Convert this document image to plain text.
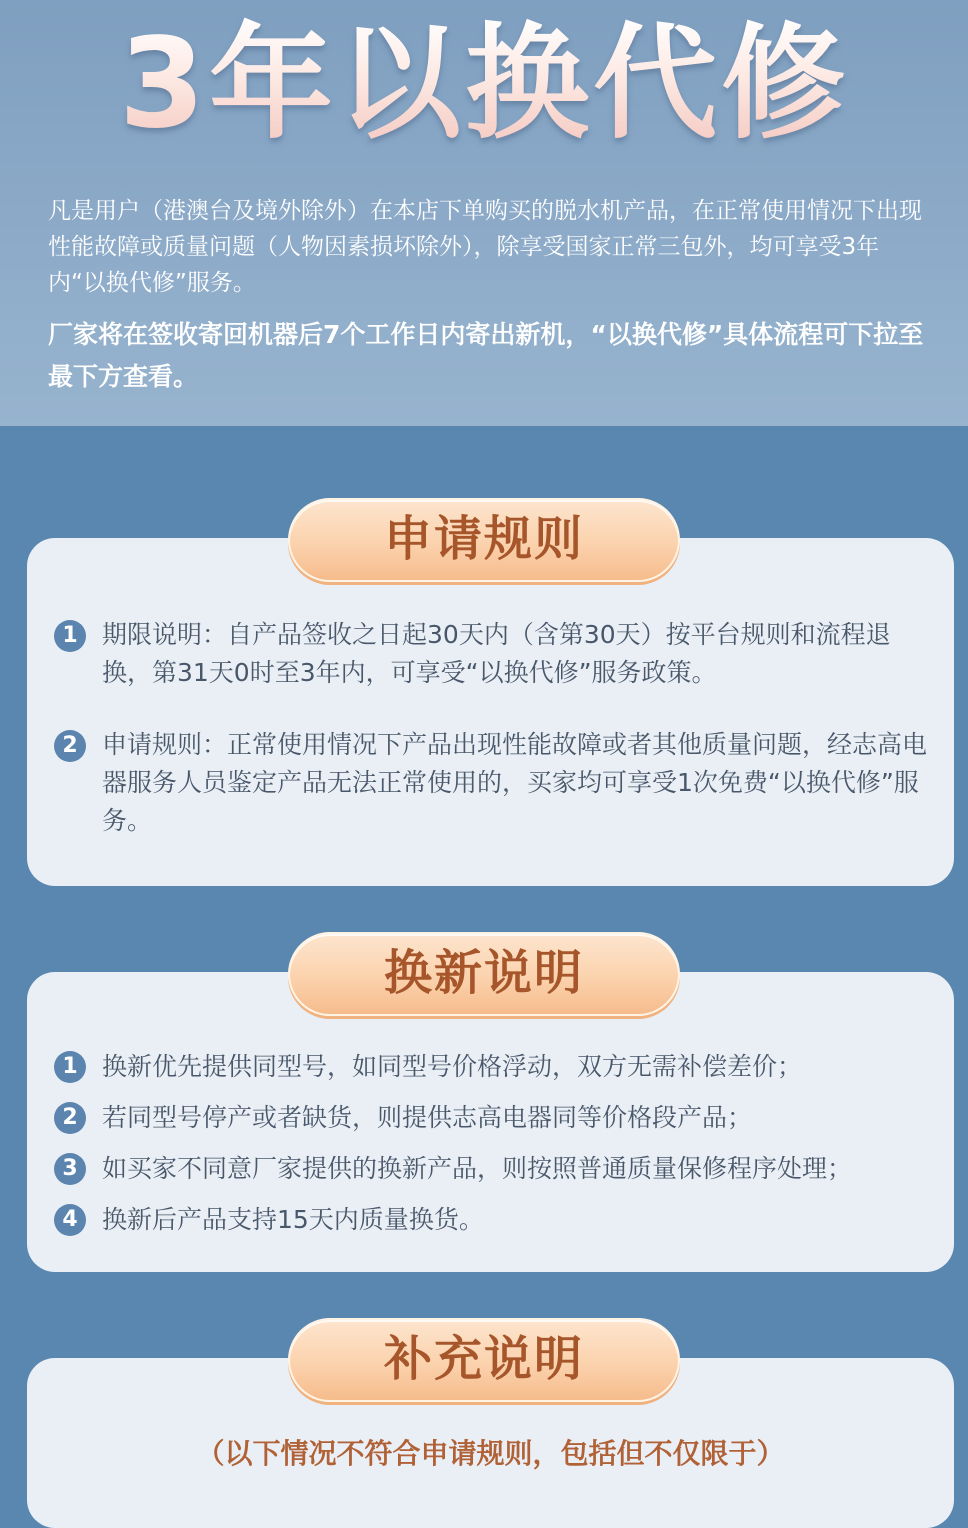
3年以换代修

凡是用户（港澳台及境外除外）在本店下单购买的脱水机产品，在正常使用情况下出现性能故障或质量问题（人物因素损坏除外），除享受国家正常三包外，均可享受3年内“以换代修”服务。

厂家将在签收寄回机器后7个工作日内寄出新机，“以换代修”具体流程可下拉至最下方查看。

申请规则
1 期限说明：自产品签收之日起30天内（含第30天）按平台规则和流程退换，第31天0时至3年内，可享受“以换代修”服务政策。

2 申请规则：正常使用情况下产品出现性能故障或者其他质量问题，经志高电器服务人员鉴定产品无法正常使用的，买家均可享受1次免费“以换代修”服务。

换新说明
1 换新优先提供同型号，如同型号价格浮动，双方无需补偿差价；

2 若同型号停产或者缺货，则提供志高电器同等价格段产品；

3 如买家不同意厂家提供的换新产品，则按照普通质量保修程序处理；

4 换新后产品支持15天内质量换货。

补充说明

（以下情况不符合申请规则，包括但不仅限于）
